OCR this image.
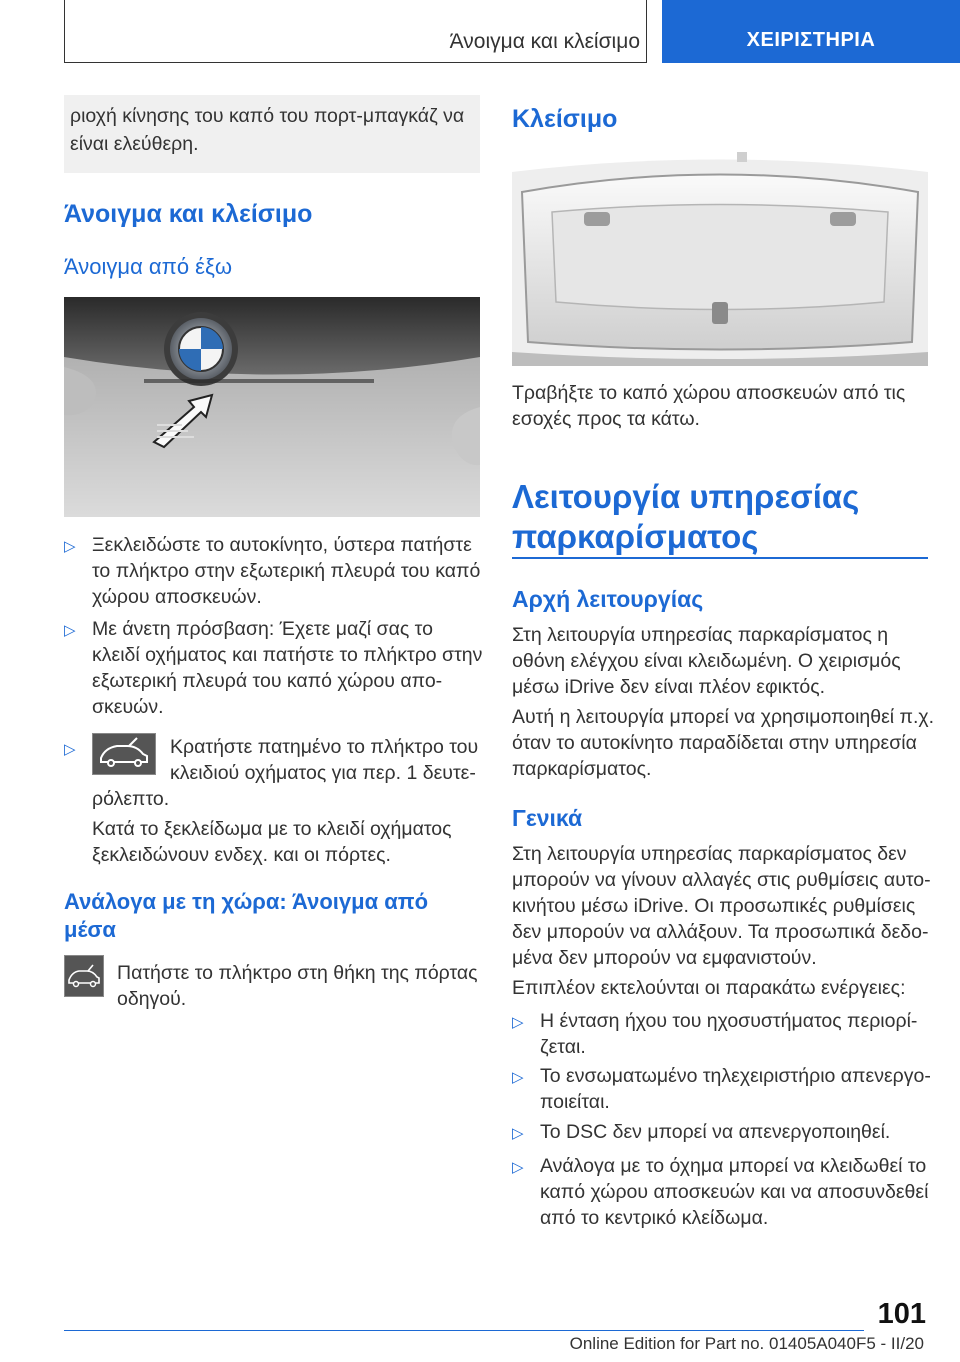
Άνοιγμα και κλείσιμο	ΧΕΙΡΙΣΤΗΡΙΑ
ριοχή κίνησης του καπό του πορτ-μπαγκάζ να
είναι ελεύθερη.
Άνοιγμα και κλείσιμο
Άνοιγμα από έξω
▷ Ξεκλειδώστε το αυτοκίνητο, ύστερα πατήστε
το πλήκτρο στην εξωτερική πλευρά του καπό
χώρου αποσκευών.
▷ Με άνετη πρόσβαση: Έχετε μαζί σας το
κλειδί οχήματος και πατήστε το πλήκτρο στην
εξωτερική πλευρά του καπό χώρου απο-
σκευών.
▷	Κρατήστε πατημένο το πλήκτρο του
κλειδιού οχήματος για περ. 1 δευτε-
ρόλεπτο.
Κατά το ξεκλείδωμα με το κλειδί οχήματος
ξεκλειδώνουν ενδεχ. και οι πόρτες.
Ανάλογα με τη χώρα: Άνοιγμα από
μέσα
Πατήστε το πλήκτρο στη θήκη της πόρτας
οδηγού.
Κλείσιμο
Τραβήξτε το καπό χώρου αποσκευών από τις
εσοχές προς τα κάτω.
Λειτουργία υπηρεσίας
παρκαρίσματος
Αρχή λειτουργίας
Στη λειτουργία υπηρεσίας παρκαρίσματος η
οθόνη ελέγχου είναι κλειδωμένη. Ο χειρισμός
μέσω iDrive δεν είναι πλέον εφικτός.
Αυτή η λειτουργία μπορεί να χρησιμοποιηθεί π.χ.
όταν το αυτοκίνητο παραδίδεται στην υπηρεσία
παρκαρίσματος.
Γενικά
Στη λειτουργία υπηρεσίας παρκαρίσματος δεν
μπορούν να γίνουν αλλαγές στις ρυθμίσεις αυτο-
κινήτου μέσω iDrive. Οι προσωπικές ρυθμίσεις
δεν μπορούν να αλλάξουν. Τα προσωπικά δεδο-
μένα δεν μπορούν να εμφανιστούν.
Επιπλέον εκτελούνται οι παρακάτω ενέργειες:
▷ Η ένταση ήχου του ηχοσυστήματος περιορί-
ζεται.
▷ Το ενσωματωμένο τηλεχειριστήριο απενεργο-
ποιείται.
▷ Το DSC δεν μπορεί να απενεργοποιηθεί.
▷ Ανάλογα με το όχημα μπορεί να κλειδωθεί το
καπό χώρου αποσκευών και να αποσυνδεθεί
από το κεντρικό κλείδωμα.
101
Online Edition for Part no. 01405A040F5 - II/20
